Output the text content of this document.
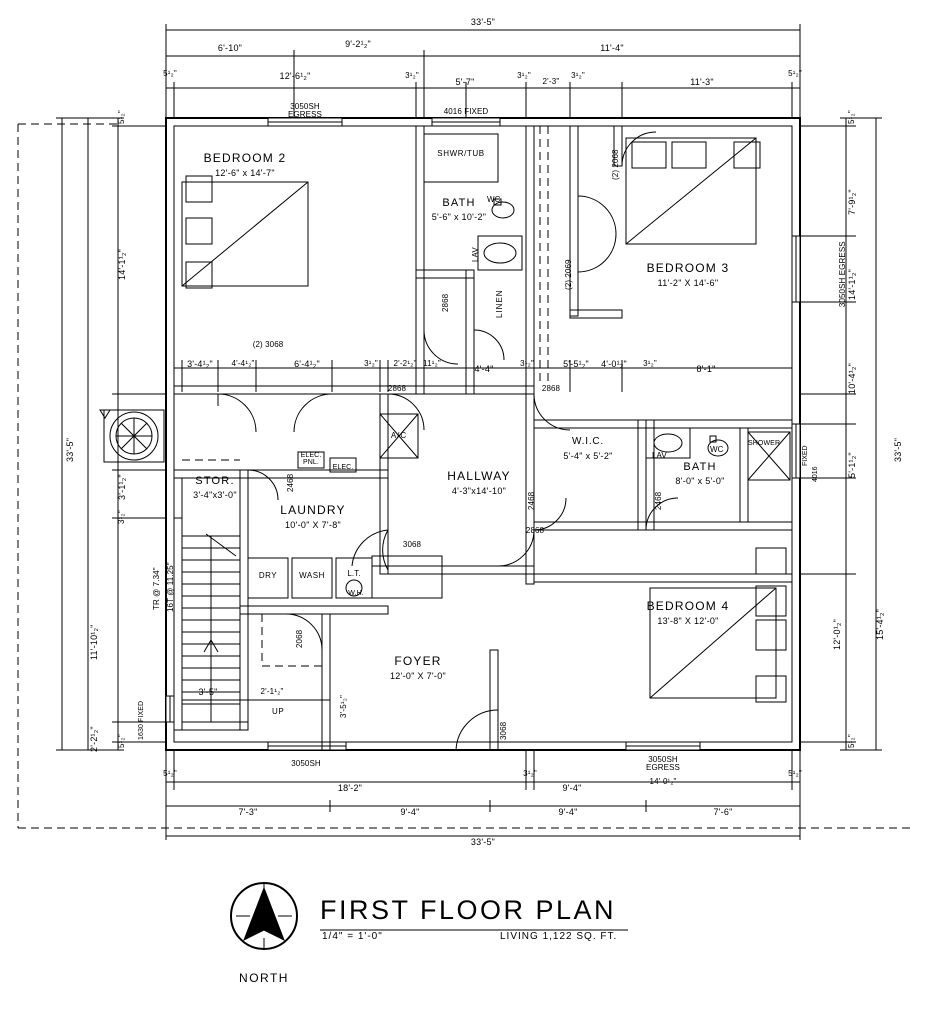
33'-5"
6'-10"	9'-2¹₂"	11'-4"
5¹₂"	12'-6¹₂"	3¹₂"
5'-7"
3¹₂"
2'-3"
3¹₂"
11'-3"
5¹₂"
3050SH
EGRESS	4016 FIXED
BEDROOM 2
12'-6" x 14'-7"
SHWR/TUB
BATH
5'-6" x 10'-2"
WC
LAV
LINEN
2868
BEDROOM 3
11'-2" X 14'-6"
(2) 2068
(2) 2069	3050SH EGRESS
3'-4¹₂" 4'-4¹₂"	6'-4¹₂"	3¹₂" 2'-2¹₂" 11¹₂"
4'-4"
3¹₂"	5'-5¹₂" 4'-0¹₂" 3¹₂"
8'-1"
(2) 3068
2868	2868
14'-1¹₂"
5¹₂"
3'-1¹₂"
3¹₂"
11'-10¹₂"
2'-2¹₂" 5¹₂"
33'-5"
5¹₂"
7'-9¹₂"
14'-1¹₂"
10'-4¹₂"
5'-1¹₂"
15'-4¹₂"
12'-0¹₂"
5¹₂"
33'-5"
FIXED
4016
A/C
ELEC.
PNL.
ELEC.
STOR.
3'-4"x3'-0"
2468
LAUNDRY
10'-0" X 7'-8"
HALLWAY
4'-3"x14'-10"
W.I.C.
5'-4" x 5'-2"
2468	2468
BATH
8'-0" x 5'-0"
LAV
WC
SHOWER
2868
3068
DRY	WASH	L.T.
W.H.
BEDROOM 4
13'-8" X 12'-0"
FOYER
12'-0" X 7'-0"
2068
3068
1630 FIXED
TR @ 7.34" 16T @ 11.25"
UP
3'-5"	2'-1¹₂"
3'-5¹₂"
3050SH	3050SH
EGRESS
14'-0¹₂"
5¹₂"
18'-2"
3¹₂"
9'-4"
5¹₂"
7'-3"	9'-4"	9'-4"	7'-6"
33'-5"
FIRST FLOOR PLAN
1/4" = 1'-0"	LIVING 1,122 SQ. FT.
NORTH
